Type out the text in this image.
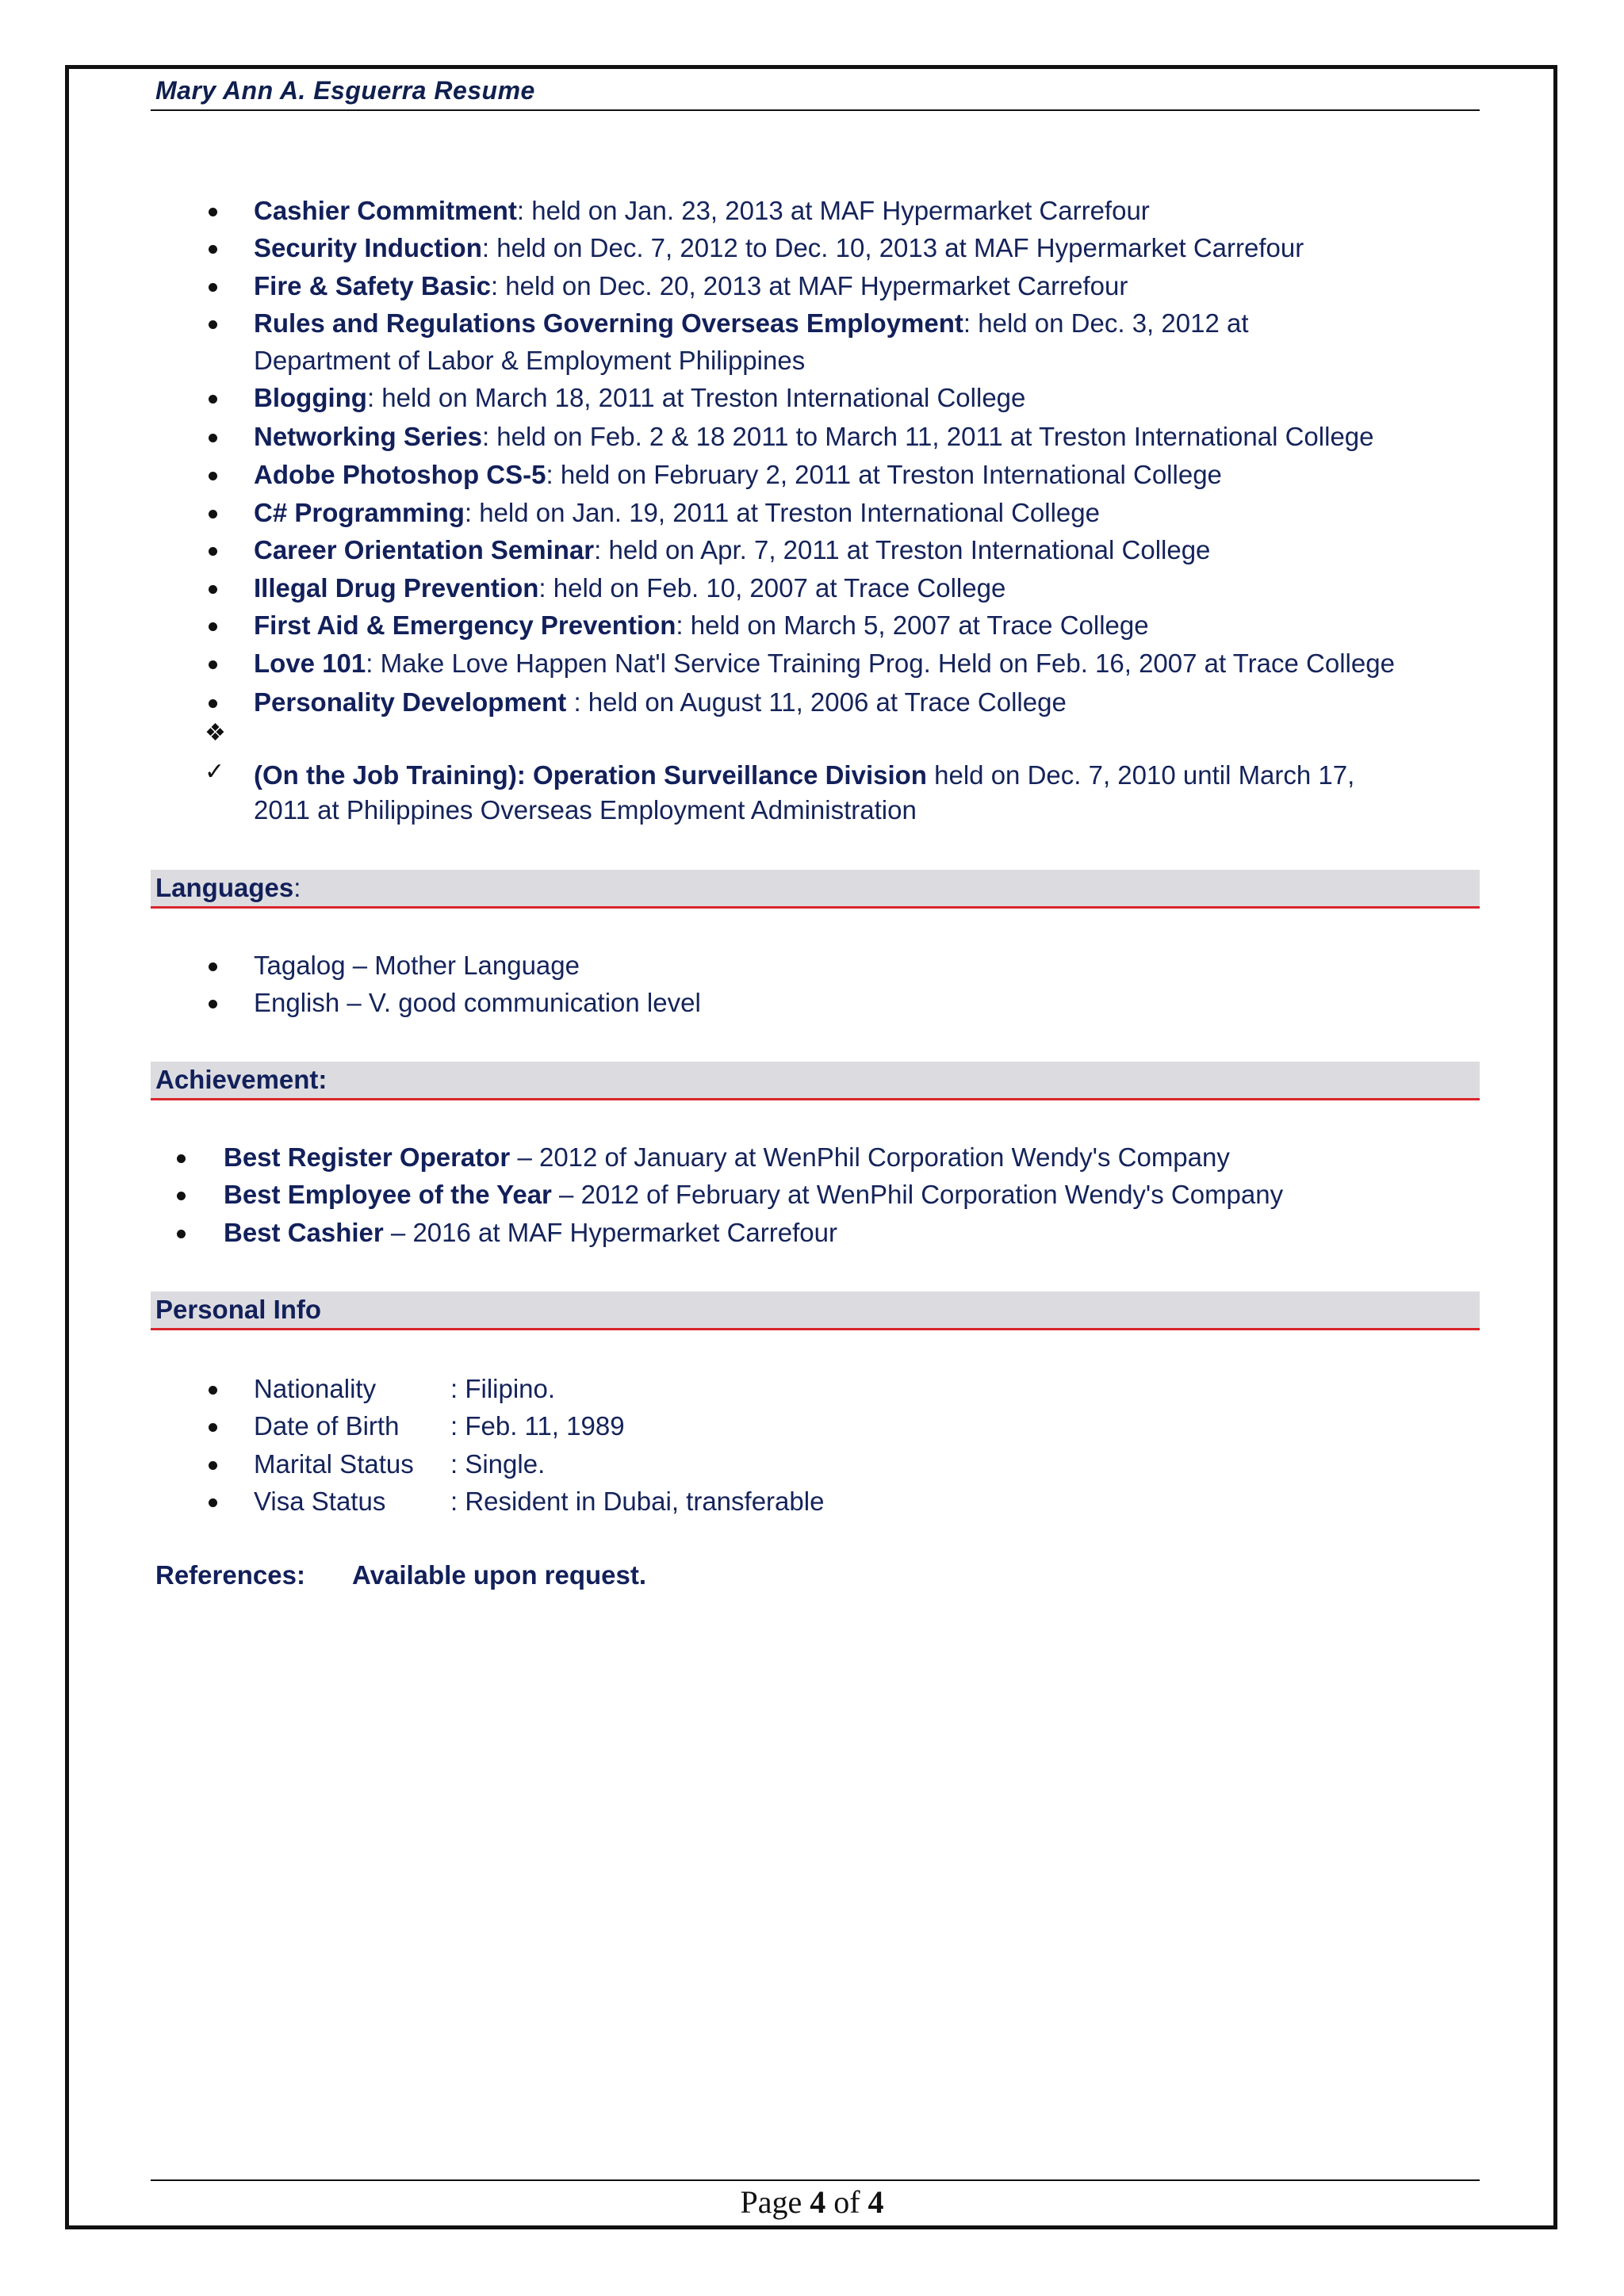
Mary Ann A. Esguerra Resume
Cashier Commitment: held on Jan. 23, 2013 at MAF Hypermarket Carrefour
Security Induction: held on Dec. 7, 2012 to Dec. 10, 2013 at MAF Hypermarket Carrefour
Fire & Safety Basic: held on Dec. 20, 2013 at MAF Hypermarket Carrefour
Rules and Regulations Governing Overseas Employment: held on Dec. 3, 2012 at
Department of Labor & Employment Philippines
Blogging: held on March 18, 2011 at Treston International College
Networking Series: held on Feb. 2 & 18 2011 to March 11, 2011 at Treston International College
Adobe Photoshop CS-5: held on February 2, 2011 at Treston International College
C# Programming: held on Jan. 19, 2011 at Treston International College
Career Orientation Seminar: held on Apr. 7, 2011 at Treston International College
Illegal Drug Prevention: held on Feb. 10, 2007 at Trace College
First Aid & Emergency Prevention: held on March 5, 2007 at Trace College
Love 101: Make Love Happen Nat'l Service Training Prog. Held on Feb. 16, 2007 at Trace College
Personality Development : held on August 11, 2006 at Trace College
❖
✓ (On the Job Training): Operation Surveillance Division held on Dec. 7, 2010 until March 17,
2011 at Philippines Overseas Employment Administration
Languages:
Tagalog – Mother Language
English – V. good communication level
Achievement:
Best Register Operator – 2012 of January at WenPhil Corporation Wendy's Company
Best Employee of the Year – 2012 of February at WenPhil Corporation Wendy's Company
Best Cashier – 2016 at MAF Hypermarket Carrefour
Personal Info
Nationality	: Filipino.
Date of Birth : Feb. 11, 1989
Marital Status : Single.
Visa Status : Resident in Dubai, transferable
References: Available upon request.
Page 4 of 4
